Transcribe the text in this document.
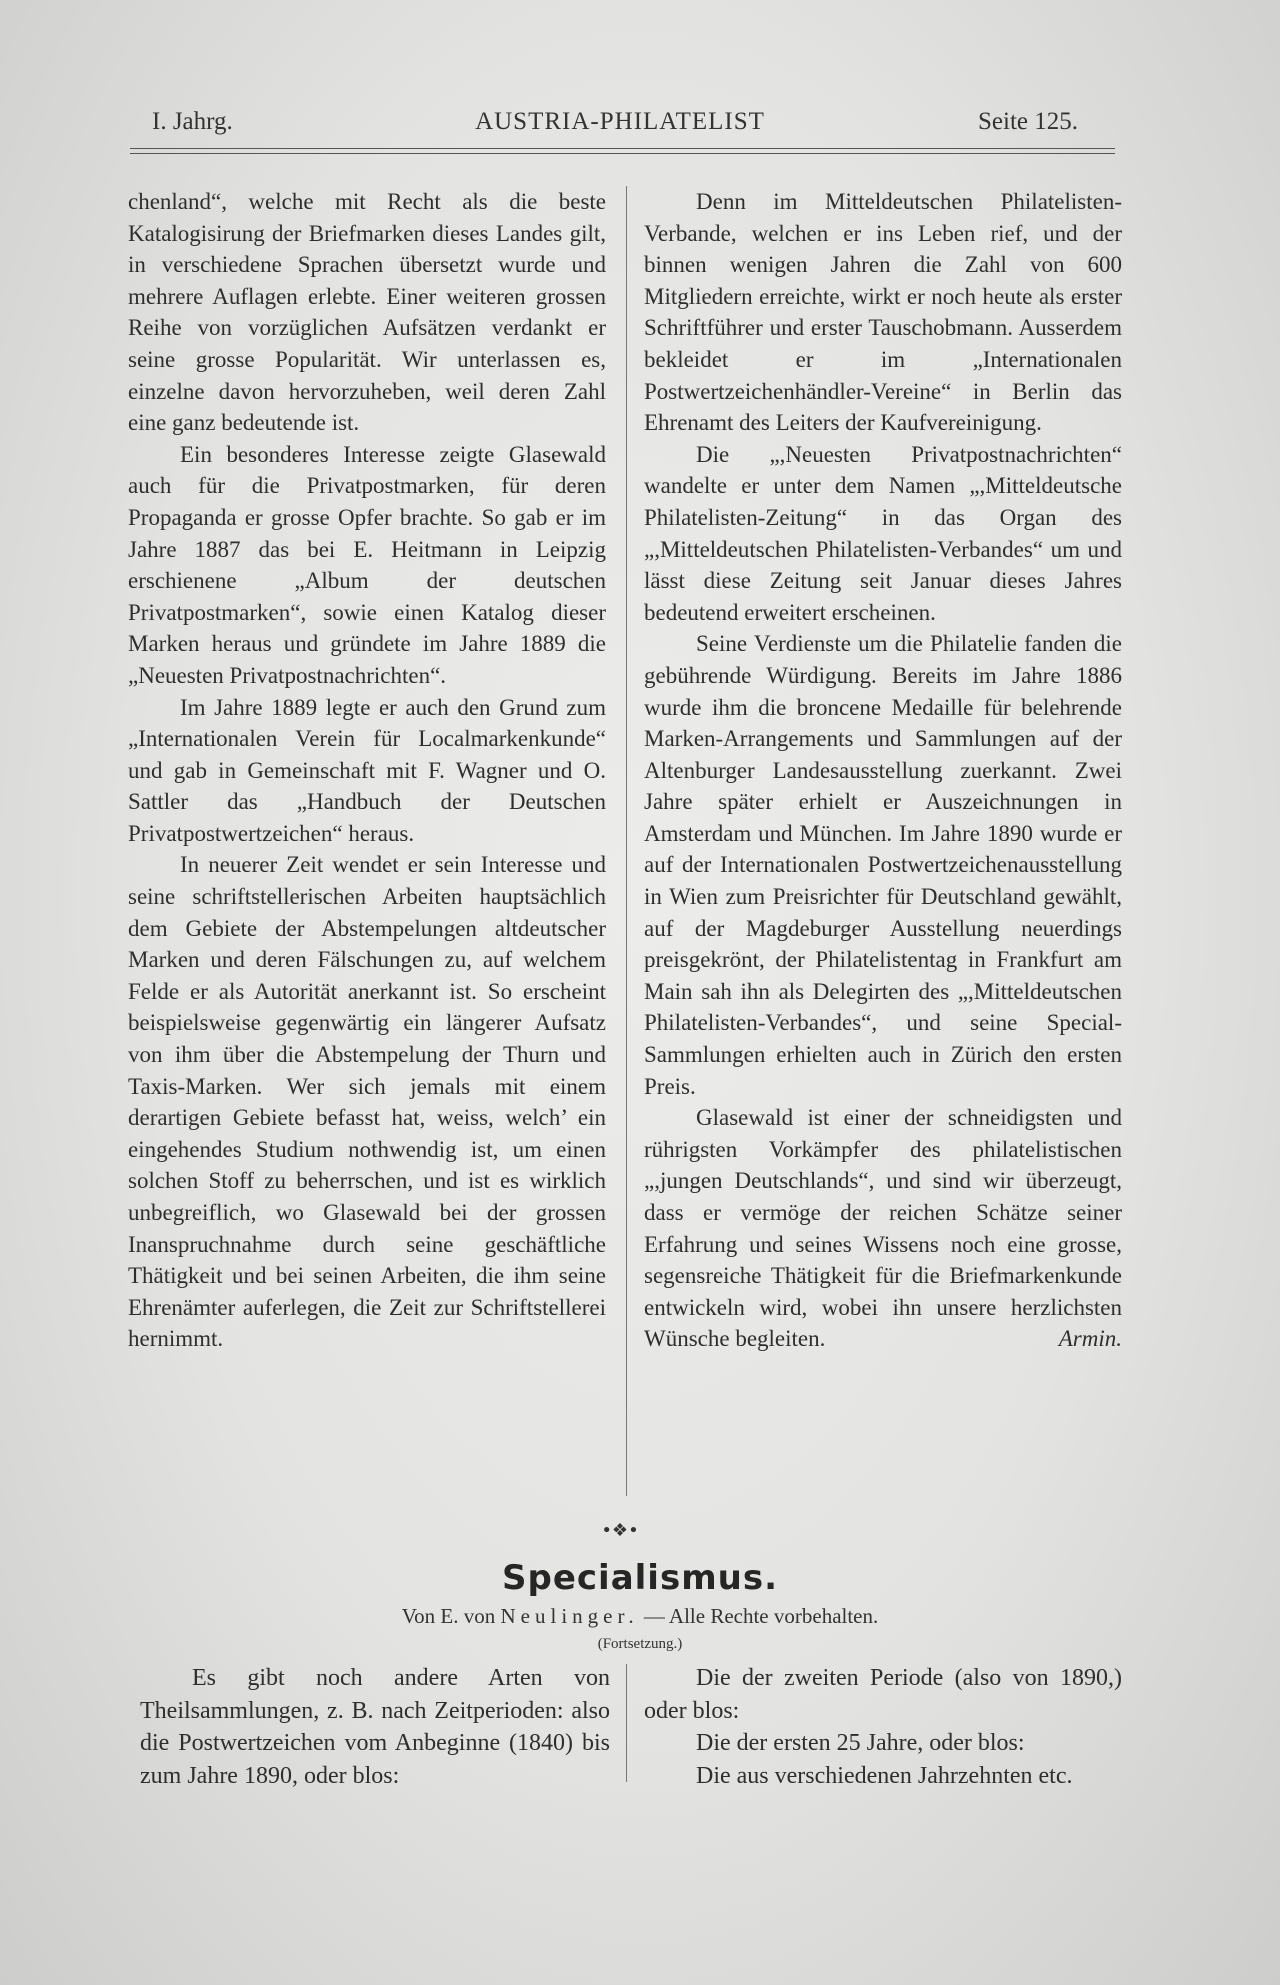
I. Jahrg.	AUSTRIA-PHILATELIST	Seite 125.

chenland“, welche mit Recht als die beste Katalogisirung der Briefmarken dieses Landes gilt, in verschiedene Sprachen übersetzt wurde und mehrere Auflagen erlebte. Einer weiteren grossen Reihe von vorzüglichen Aufsätzen verdankt er seine grosse Popularität. Wir unterlassen es, einzelne davon hervorzuheben, weil deren Zahl eine ganz bedeutende ist.

Ein besonderes Interesse zeigte Glasewald auch für die Privatpostmarken, für deren Propaganda er grosse Opfer brachte. So gab er im Jahre 1887 das bei E. Heitmann in Leipzig erschienene „Album der deutschen Privatpostmarken“, sowie einen Katalog dieser Marken heraus und gründete im Jahre 1889 die „Neuesten Privatpostnachrichten“.

Im Jahre 1889 legte er auch den Grund zum „Internationalen Verein für Localmarkenkunde“ und gab in Gemeinschaft mit F. Wagner und O. Sattler das „Handbuch der Deutschen Privatpostwertzeichen“ heraus.

In neuerer Zeit wendet er sein Interesse und seine schriftstellerischen Arbeiten hauptsächlich dem Gebiete der Abstempelungen altdeutscher Marken und deren Fälschungen zu, auf welchem Felde er als Autorität anerkannt ist. So erscheint beispielsweise gegenwärtig ein längerer Aufsatz von ihm über die Abstempelung der Thurn und Taxis-Marken. Wer sich jemals mit einem derartigen Gebiete befasst hat, weiss, welch’ ein eingehendes Studium nothwendig ist, um einen solchen Stoff zu beherrschen, und ist es wirklich unbegreiflich, wo Glasewald bei der grossen Inanspruchnahme durch seine geschäftliche Thätigkeit und bei seinen Arbeiten, die ihm seine Ehrenämter auferlegen, die Zeit zur Schriftstellerei hernimmt.

Denn im Mitteldeutschen Philatelisten-Verbande, welchen er ins Leben rief, und der binnen wenigen Jahren die Zahl von 600 Mitgliedern erreichte, wirkt er noch heute als erster Schriftführer und erster Tauschobmann. Ausserdem bekleidet er im „Internationalen Postwertzeichenhändler-Vereine“ in Berlin das Ehrenamt des Leiters der Kaufvereinigung.

Die „,Neuesten Privatpostnachrichten“ wandelte er unter dem Namen „,Mitteldeutsche Philatelisten-Zeitung“ in das Organ des „,Mitteldeutschen Philatelisten-Verbandes“ um und lässt diese Zeitung seit Januar dieses Jahres bedeutend erweitert erscheinen.

Seine Verdienste um die Philatelie fanden die gebührende Würdigung. Bereits im Jahre 1886 wurde ihm die broncene Medaille für belehrende Marken-Arrangements und Sammlungen auf der Altenburger Landesausstellung zuerkannt. Zwei Jahre später erhielt er Auszeichnungen in Amsterdam und München. Im Jahre 1890 wurde er auf der Internationalen Postwertzeichenausstellung in Wien zum Preisrichter für Deutschland gewählt, auf der Magdeburger Ausstellung neuerdings preisgekrönt, der Philatelistentag in Frankfurt am Main sah ihn als Delegirten des „,Mitteldeutschen Philatelisten-Verbandes“, und seine Special-Sammlungen erhielten auch in Zürich den ersten Preis.

Glasewald ist einer der schneidigsten und rührigsten Vorkämpfer des philatelistischen „,jungen Deutschlands“, und sind wir überzeugt, dass er vermöge der reichen Schätze seiner Erfahrung und seines Wissens noch eine grosse, segensreiche Thätigkeit für die Briefmarkenkunde entwickeln wird, wobei ihn unsere herzlichsten Wünsche begleiten.	Armin.

•❖•
Specialismus.
Von E. von Neulinger. — Alle Rechte vorbehalten.
(Fortsetzung.)

Es gibt noch andere Arten von Theilsammlungen, z. B. nach Zeitperioden: also die Postwertzeichen vom Anbeginne (1840) bis zum Jahre 1890, oder blos:

Die der zweiten Periode (also von 1890,) oder blos:

Die der ersten 25 Jahre, oder blos:

Die aus verschiedenen Jahrzehnten etc.
